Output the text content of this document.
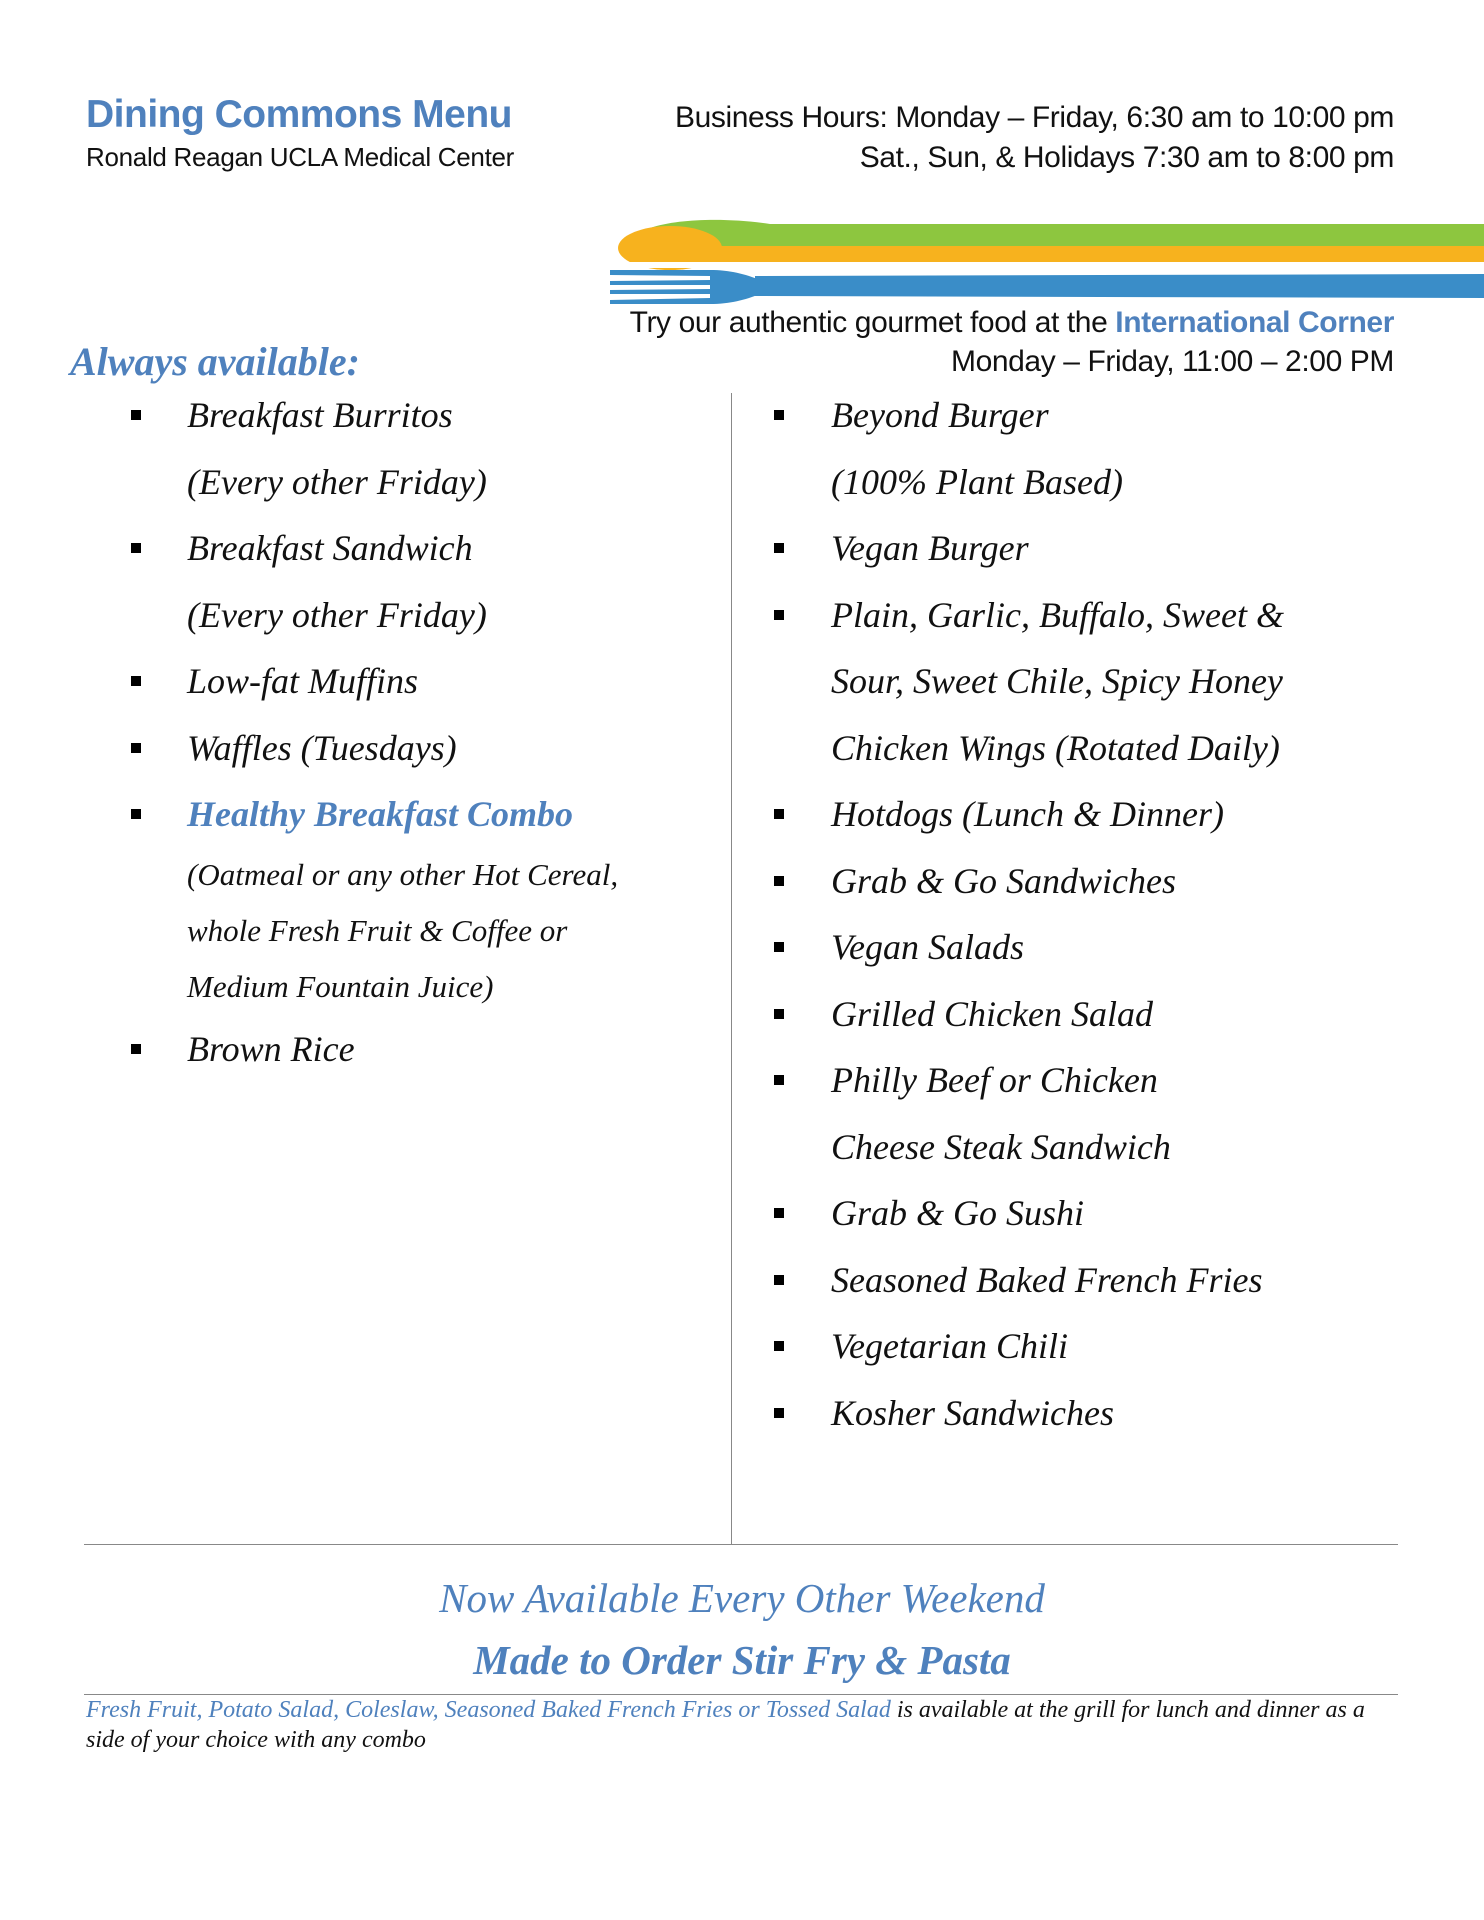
Dining Commons Menu
Ronald Reagan UCLA Medical Center
Business Hours: Monday – Friday, 6:30 am to 10:00 pm
Sat., Sun, & Holidays 7:30 am to 8:00 pm
Try our authentic gourmet food at the International Corner
Monday – Friday, 11:00 – 2:00 PM
Always available:
Breakfast Burritos
(Every other Friday)
Breakfast Sandwich
(Every other Friday)
Low-fat Muffins
Waffles (Tuesdays)
Healthy Breakfast Combo
(Oatmeal or any other Hot Cereal,
whole Fresh Fruit & Coffee or
Medium Fountain Juice)
Brown Rice
Beyond Burger
(100% Plant Based)
Vegan Burger
Plain, Garlic, Buffalo, Sweet &
Sour, Sweet Chile, Spicy Honey
Chicken Wings (Rotated Daily)
Hotdogs (Lunch & Dinner)
Grab & Go Sandwiches
Vegan Salads
Grilled Chicken Salad
Philly Beef or Chicken
Cheese Steak Sandwich
Grab & Go Sushi
Seasoned Baked French Fries
Vegetarian Chili
Kosher Sandwiches
Now Available Every Other Weekend
Made to Order Stir Fry & Pasta
Fresh Fruit, Potato Salad, Coleslaw, Seasoned Baked French Fries or Tossed Salad is available at the grill for lunch and dinner as a side of your choice with any combo
